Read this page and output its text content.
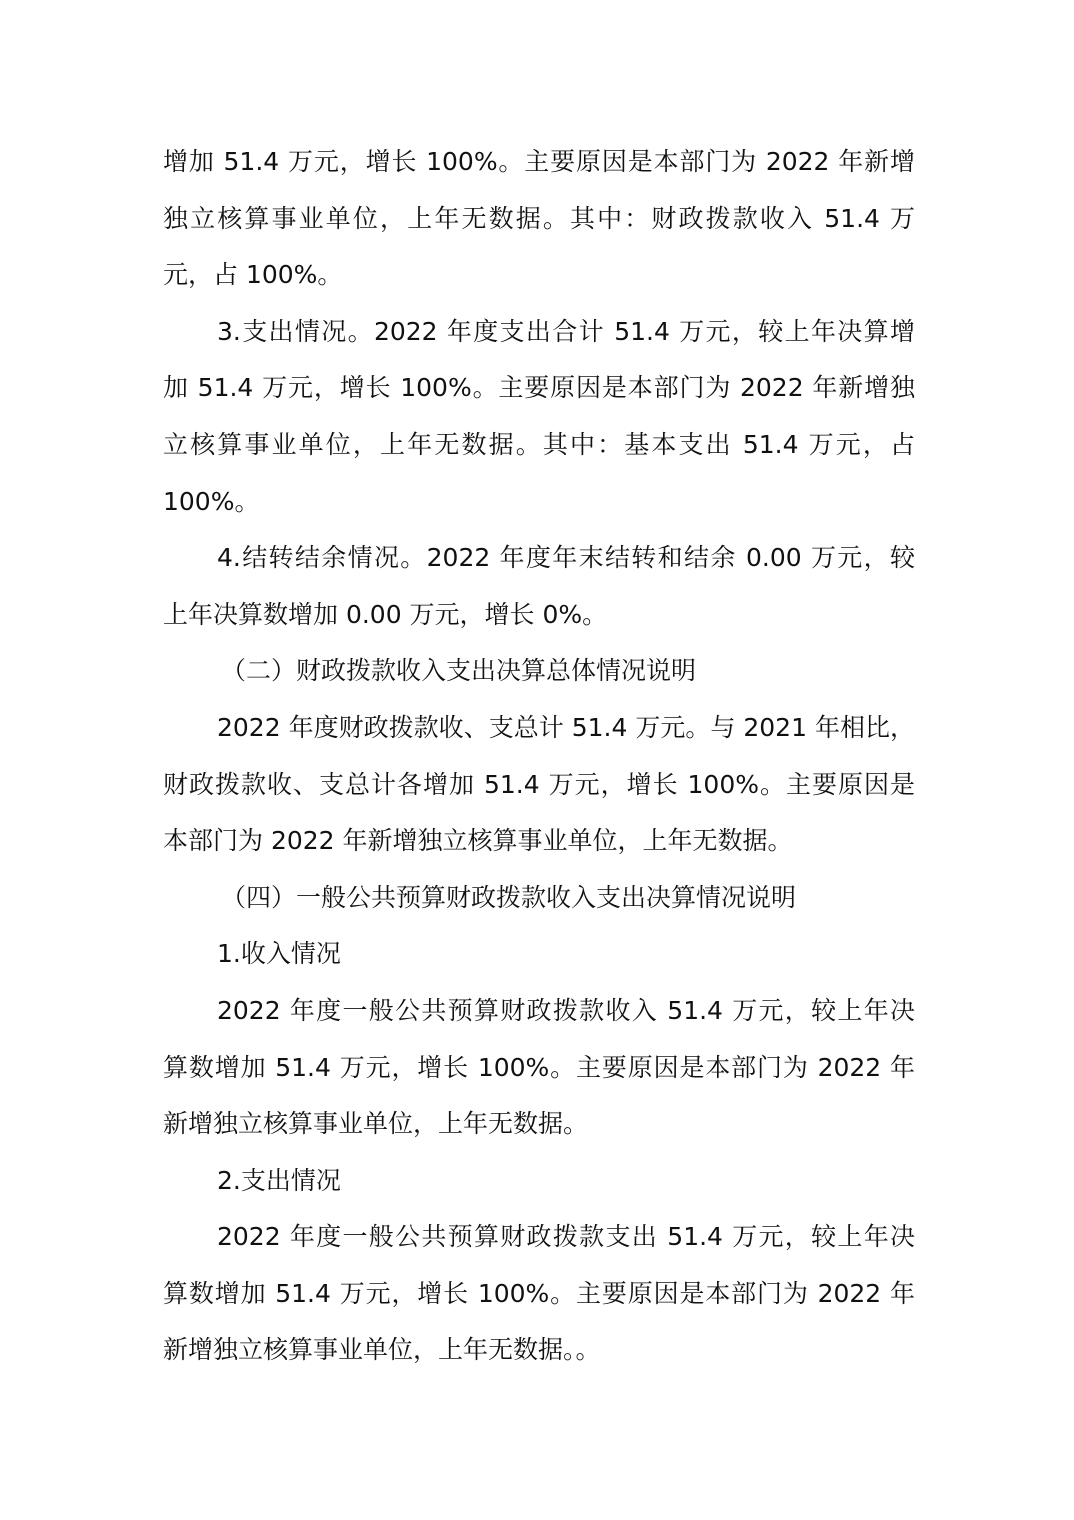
增加 51.4 万元，增长 100%。主要原因是本部门为 2022 年新增
独立核算事业单位，上年无数据。其中：财政拨款收入 51.4 万
元，占 100%。
3.支出情况。2022 年度支出合计 51.4 万元，较上年决算增
加 51.4 万元，增长 100%。主要原因是本部门为 2022 年新增独
立核算事业单位，上年无数据。其中：基本支出 51.4 万元，占
100%。
4.结转结余情况。2022 年度年末结转和结余 0.00 万元，较
上年决算数增加 0.00 万元，增长 0%。
（二）财政拨款收入支出决算总体情况说明
2022 年度财政拨款收、支总计 51.4 万元。与 2021 年相比，
财政拨款收、支总计各增加 51.4 万元，增长 100%。主要原因是
本部门为 2022 年新增独立核算事业单位，上年无数据。
（四）一般公共预算财政拨款收入支出决算情况说明
1.收入情况
2022 年度一般公共预算财政拨款收入 51.4 万元，较上年决
算数增加 51.4 万元，增长 100%。主要原因是本部门为 2022 年
新增独立核算事业单位，上年无数据。
2.支出情况
2022 年度一般公共预算财政拨款支出 51.4 万元，较上年决
算数增加 51.4 万元，增长 100%。主要原因是本部门为 2022 年
新增独立核算事业单位，上年无数据。。
